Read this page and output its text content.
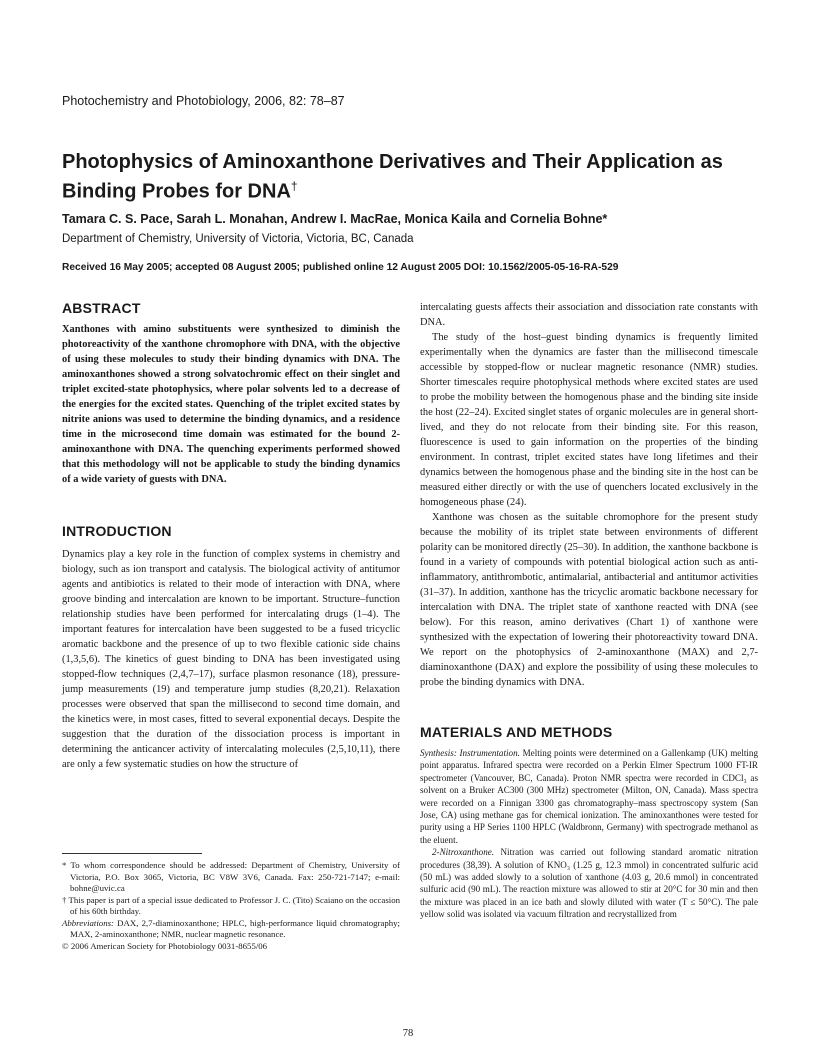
Photochemistry and Photobiology, 2006, 82: 78–87
Photophysics of Aminoxanthone Derivatives and Their Application as Binding Probes for DNA†
Tamara C. S. Pace, Sarah L. Monahan, Andrew I. MacRae, Monica Kaila and Cornelia Bohne*
Department of Chemistry, University of Victoria, Victoria, BC, Canada
Received 16 May 2005; accepted 08 August 2005; published online 12 August 2005 DOI: 10.1562/2005-05-16-RA-529
ABSTRACT

Xanthones with amino substituents were synthesized to diminish the photoreactivity of the xanthone chromophore with DNA, with the objective of using these molecules to study their binding dynamics with DNA. The aminoxanthones showed a strong solvatochromic effect on their singlet and triplet excited-state photophysics, where polar solvents led to a decrease of the energies for the excited states. Quenching of the triplet excited states by nitrite anions was used to determine the binding dynamics, and a residence time in the microsecond time domain was estimated for the bound 2-aminoxanthone with DNA. The quenching experiments performed showed that this methodology will not be applicable to study the binding dynamics of a wide variety of guests with DNA.

INTRODUCTION

Dynamics play a key role in the function of complex systems in chemistry and biology, such as ion transport and catalysis. The biological activity of antitumor agents and antibiotics is related to their mode of interaction with DNA, where groove binding and intercalation are known to be important. Structure–function relationship studies have been performed for intercalating drugs (1–4). The important features for intercalation have been suggested to be a fused tricyclic aromatic backbone and the presence of up to two flexible cationic side chains (1,3,5,6). The kinetics of guest binding to DNA has been investigated using stopped-flow techniques (2,4,7–17), surface plasmon resonance (18), pressure-jump measurements (19) and temperature jump studies (8,20,21). Relaxation processes were observed that span the millisecond to second time domain, and the kinetics were, in most cases, fitted to several exponential decays. Despite the suggestion that the duration of the dissociation process is important in determining the anticancer activity of intercalating molecules (2,5,10,11), there are only a few systematic studies on how the structure of

intercalating guests affects their association and dissociation rate constants with DNA.

The study of the host–guest binding dynamics is frequently limited experimentally when the dynamics are faster than the millisecond timescale accessible by stopped-flow or nuclear magnetic resonance (NMR) studies. Shorter timescales require photophysical methods where excited states are used to probe the mobility between the homogenous phase and the binding site inside the host (22–24). Excited singlet states of organic molecules are in general short-lived, and they do not relocate from their binding site. For this reason, fluorescence is used to gain information on the properties of the binding environment. In contrast, triplet excited states have long lifetimes and their dynamics between the homogenous phase and the binding site in the host can be measured either directly or with the use of quenchers located exclusively in the homogeneous phase (24).

Xanthone was chosen as the suitable chromophore for the present study because the mobility of its triplet state between environments of different polarity can be monitored directly (25–30). In addition, the xanthone backbone is found in a variety of compounds with potential biological action such as anti-inflammatory, antithrombotic, antimalarial, antibacterial and antitumor activities (31–37). In addition, xanthone has the tricyclic aromatic backbone necessary for intercalation with DNA. The triplet state of xanthone reacted with DNA (see below). For this reason, amino derivatives (Chart 1) of xanthone were synthesized with the expectation of lowering their photoreactivity toward DNA. We report on the photophysics of 2-aminoxanthone (MAX) and 2,7-diaminoxanthone (DAX) and explore the possibility of using these molecules to probe the binding dynamics with DNA.

MATERIALS AND METHODS

Synthesis: Instrumentation. Melting points were determined on a Gallenkamp (UK) melting point apparatus. Infrared spectra were recorded on a Perkin Elmer Spectrum 1000 FT-IR spectrometer (Vancouver, BC, Canada). Proton NMR spectra were recorded in CDCl₃ as solvent on a Bruker AC300 (300 MHz) spectrometer (Milton, ON, Canada). Mass spectra were recorded on a Finnigan 3300 gas chromatography–mass spectroscopy system (San Jose, CA) using methane gas for chemical ionization. The aminoxanthones were tested for purity using a HP Series 1100 HPLC (Waldbronn, Germany) with spectrograde methanol as the eluent.

2-Nitroxanthone. Nitration was carried out following standard aromatic nitration procedures (38,39). A solution of KNO₃ (1.25 g, 12.3 mmol) in concentrated sulfuric acid (50 mL) was added slowly to a solution of xanthone (4.03 g, 20.6 mmol) in concentrated sulfuric acid (90 mL). The reaction mixture was allowed to stir at 20°C for 30 min and then the mixture was placed in an ice bath and slowly diluted with water (T ≤ 50°C). The pale yellow solid was isolated via vacuum filtration and recrystallized from

* To whom correspondence should be addressed: Department of Chemistry, University of Victoria, P.O. Box 3065, Victoria, BC V8W 3V6, Canada. Fax: 250-721-7147; e-mail: bohne@uvic.ca

† This paper is part of a special issue dedicated to Professor J. C. (Tito) Scaiano on the occasion of his 60th birthday.

Abbreviations: DAX, 2,7-diaminoxanthone; HPLC, high-performance liquid chromatography; MAX, 2-aminoxanthone; NMR, nuclear magnetic resonance.

© 2006 American Society for Photobiology 0031-8655/06

78
